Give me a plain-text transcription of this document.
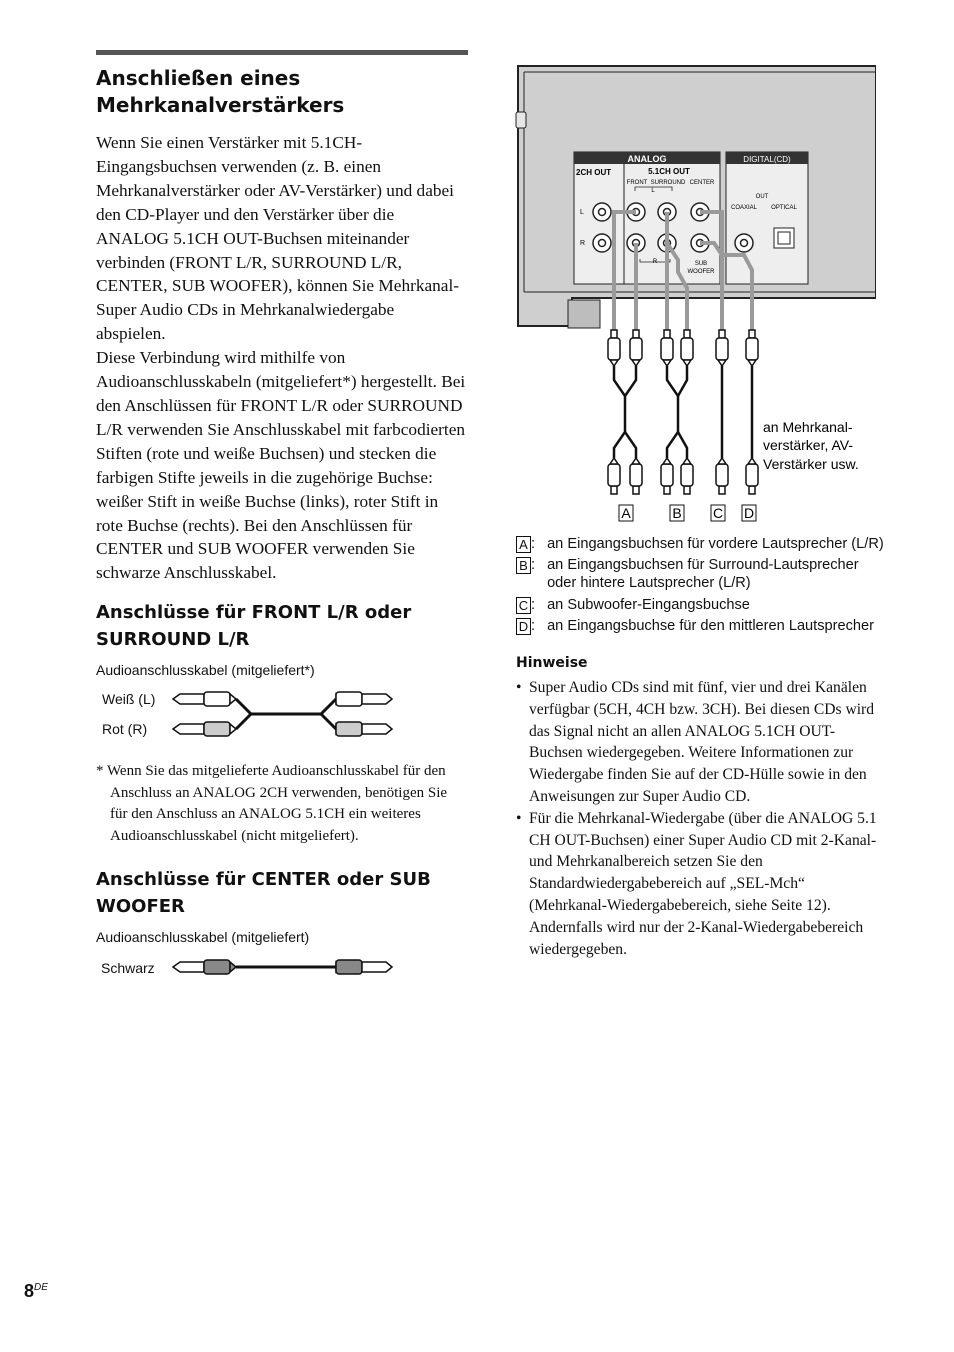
Anschließen eines Mehrkanalverstärkers

Wenn Sie einen Verstärker mit 5.1CH-Eingangsbuchsen verwenden (z. B. einen Mehrkanalverstärker oder AV-Verstärker) und dabei den CD-Player und den Verstärker über die ANALOG 5.1CH OUT-Buchsen miteinander verbinden (FRONT L/R, SURROUND L/R, CENTER, SUB WOOFER), können Sie Mehrkanal-Super Audio CDs in Mehrkanalwiedergabe abspielen.

Diese Verbindung wird mithilfe von Audioanschlusskabeln (mitgeliefert*) hergestellt. Bei den Anschlüssen für FRONT L/R oder SURROUND L/R verwenden Sie Anschlusskabel mit farbcodierten Stiften (rote und weiße Buchsen) und stecken die farbigen Stifte jeweils in die zugehörige Buchse: weißer Stift in weiße Buchse (links), roter Stift in rote Buchse (rechts). Bei den Anschlüssen für CENTER und SUB WOOFER verwenden Sie schwarze Anschlusskabel.

Anschlüsse für FRONT L/R oder SURROUND L/R

Audioanschlusskabel (mitgeliefert*)

Weiß (L)
Rot (R)

* Wenn Sie das mitgelieferte Audioanschlusskabel für den Anschluss an ANALOG 2CH verwenden, benötigen Sie für den Anschluss an ANALOG 5.1CH ein weiteres Audioanschlusskabel (nicht mitgeliefert).

Anschlüsse für CENTER oder SUB WOOFER

Audioanschlusskabel (mitgeliefert)

Schwarz
ANALOG
2CH OUT	5.1CH OUT
FRONT SURROUND CENTER
L
L
R
R	SUB
WOOFER
DIGITAL(CD)
OUT
COAXIAL OPTICAL
an Mehrkanal-
verstärker, AV-
Verstärker usw.
A	B C D
A : an Eingangsbuchsen für vordere Lautsprecher (L/R)
B : an Eingangsbuchsen für Surround-Lautsprecher oder hintere Lautsprecher (L/R)
C : an Subwoofer-Eingangsbuchse
D : an Eingangsbuchse für den mittleren Lautsprecher
Hinweise
• Super Audio CDs sind mit fünf, vier und drei Kanälen verfügbar (5CH, 4CH bzw. 3CH). Bei diesen CDs wird das Signal nicht an allen ANALOG 5.1CH OUT-Buchsen wiedergegeben. Weitere Informationen zur Wiedergabe finden Sie auf der CD-Hülle sowie in den Anweisungen zur Super Audio CD.
• Für die Mehrkanal-Wiedergabe (über die ANALOG 5.1 CH OUT-Buchsen) einer Super Audio CD mit 2-Kanal- und Mehrkanalbereich setzen Sie den Standardwiedergabebereich auf „SEL-Mch“ (Mehrkanal-Wiedergabebereich, siehe Seite 12). Andernfalls wird nur der 2-Kanal-Wiedergabebereich wiedergegeben.
8DE
